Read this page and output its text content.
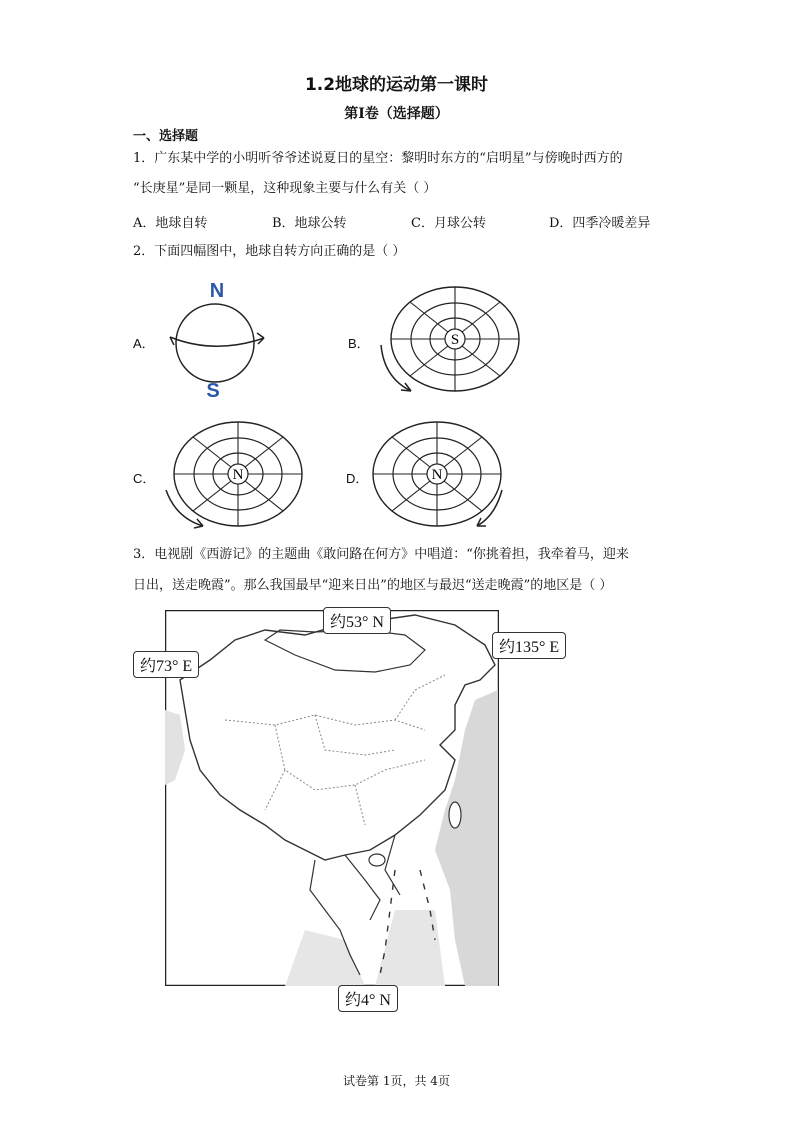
1.2地球的运动第一课时
第I卷（选择题）
一、选择题
1．广东某中学的小明听爷爷述说夏日的星空：黎明时东方的“启明星”与傍晚时西方的
“长庚星”是同一颗星，这种现象主要与什么有关（ ）
A．地球自转	B．地球公转	C．月球公转	D．四季冷暖差异
2．下面四幅图中，地球自转方向正确的是（ ）
A．
N
S
B．	S
C．	N	D．	N
3．电视剧《西游记》的主题曲《敢问路在何方》中唱道：“你挑着担，我牵着马，迎来
日出，送走晚霞”。那么我国最早“迎来日出”的地区与最迟“送走晚霞”的地区是（ ）
约53° N
约135° E
约73° E
约4° N
试卷第 1页，共 4页
